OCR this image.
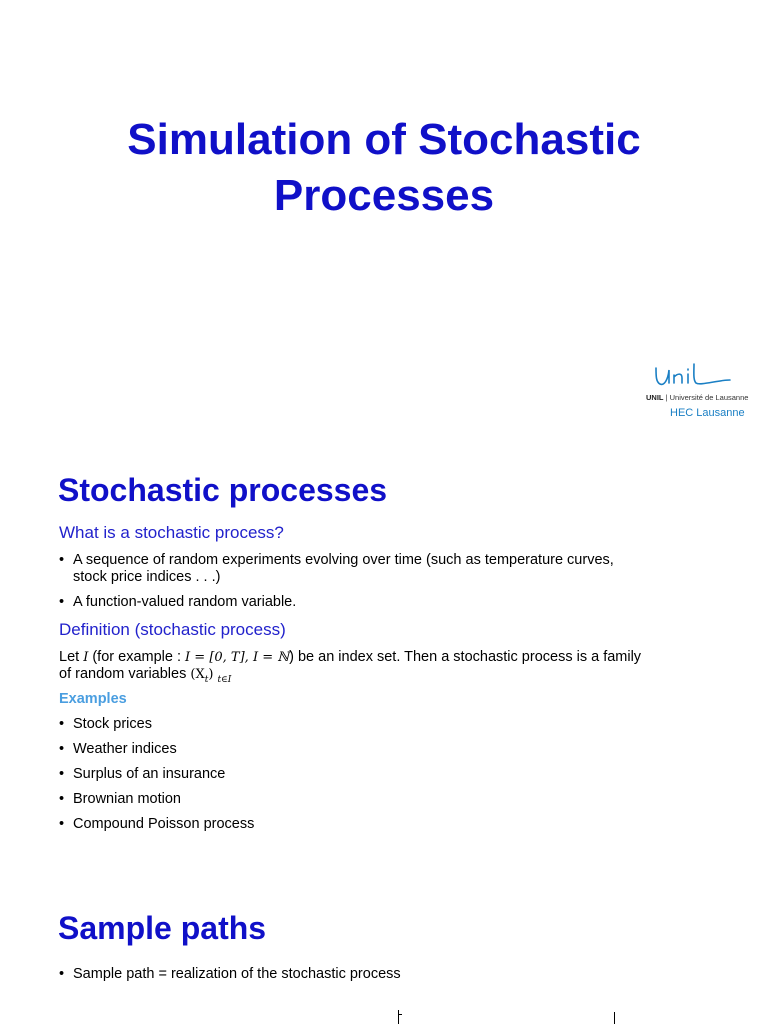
Simulation of Stochastic
Processes
UNIL | Université de Lausanne
HEC Lausanne
Stochastic processes

What is a stochastic process?

• A sequence of random experiments evolving over time (such as temperature curves,
stock price indices . . .)
• A function-valued random variable.

Definition (stochastic process)

Let I (for example : I = [0, T], I = ℕ) be an index set. Then a stochastic process is a family
of random variables $(X_t)$ $_{t\in I}$
Examples
• Stock prices
• Weather indices
• Surplus of an insurance
• Brownian motion
• Compound Poisson process
Sample paths
• Sample path = realization of the stochastic process
